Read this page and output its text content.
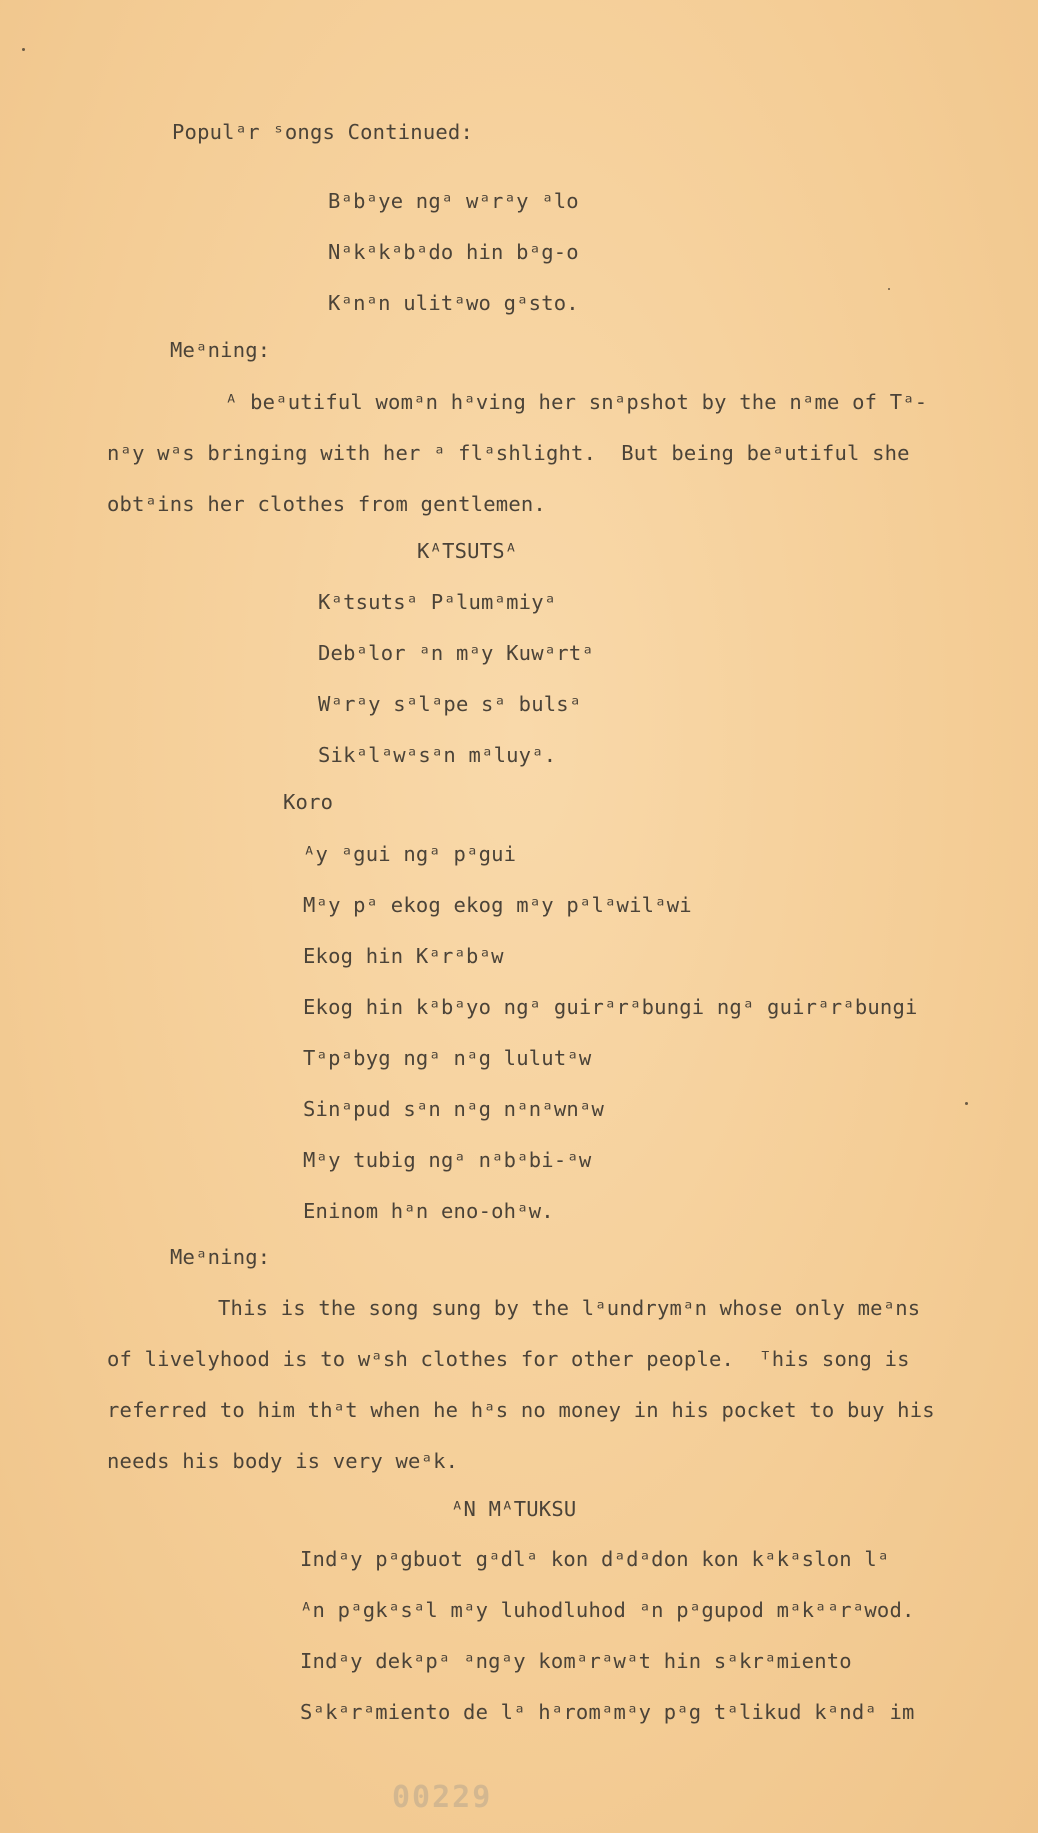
Populᵃr ˢongs Continued:
Bᵃbᵃye ngᵃ wᵃrᵃy ᵃlo
Nᵃkᵃkᵃbᵃdo hin bᵃg-o
Kᵃnᵃn ulitᵃwo gᵃsto.
Meᵃning:
ᴬ beᵃutiful womᵃn hᵃving her snᵃpshot by the nᵃme of Tᵃ-
nᵃy wᵃs bringing with her ᵃ flᵃshlight.  But being beᵃutiful she
obtᵃins her clothes from gentlemen.
KᴬTSUTSᴬ
Kᵃtsutsᵃ Pᵃlumᵃmiyᵃ
Debᵃlor ᵃn mᵃy Kuwᵃrtᵃ
Wᵃrᵃy sᵃlᵃpe sᵃ bulsᵃ
Sikᵃlᵃwᵃsᵃn mᵃluyᵃ.
Koro
ᴬy ᵃgui ngᵃ pᵃgui
Mᵃy pᵃ ekog ekog mᵃy pᵃlᵃwilᵃwi
Ekog hin Kᵃrᵃbᵃw
Ekog hin kᵃbᵃyo ngᵃ guirᵃrᵃbungi ngᵃ guirᵃrᵃbungi
Tᵃpᵃbyg ngᵃ nᵃg lulutᵃw
Sinᵃpud sᵃn nᵃg nᵃnᵃwnᵃw
Mᵃy tubig ngᵃ nᵃbᵃbi-ᵃw
Eninom hᵃn eno-ohᵃw.
Meᵃning:
This is the song sung by the lᵃundrymᵃn whose only meᵃns
of livelyhood is to wᵃsh clothes for other people.  ᵀhis song is
referred to him thᵃt when he hᵃs no money in his pocket to buy his
needs his body is very weᵃk.
ᴬN MᴬTUKSU
Indᵃy pᵃgbuot gᵃdlᵃ kon dᵃdᵃdon kon kᵃkᵃslon lᵃ
ᴬn pᵃgkᵃsᵃl mᵃy luhodluhod ᵃn pᵃgupod mᵃkᵃᵃrᵃwod.
Indᵃy dekᵃpᵃ ᵃngᵃy komᵃrᵃwᵃt hin sᵃkrᵃmiento
Sᵃkᵃrᵃmiento de lᵃ hᵃromᵃmᵃy pᵃg tᵃlikud kᵃndᵃ im
00229
